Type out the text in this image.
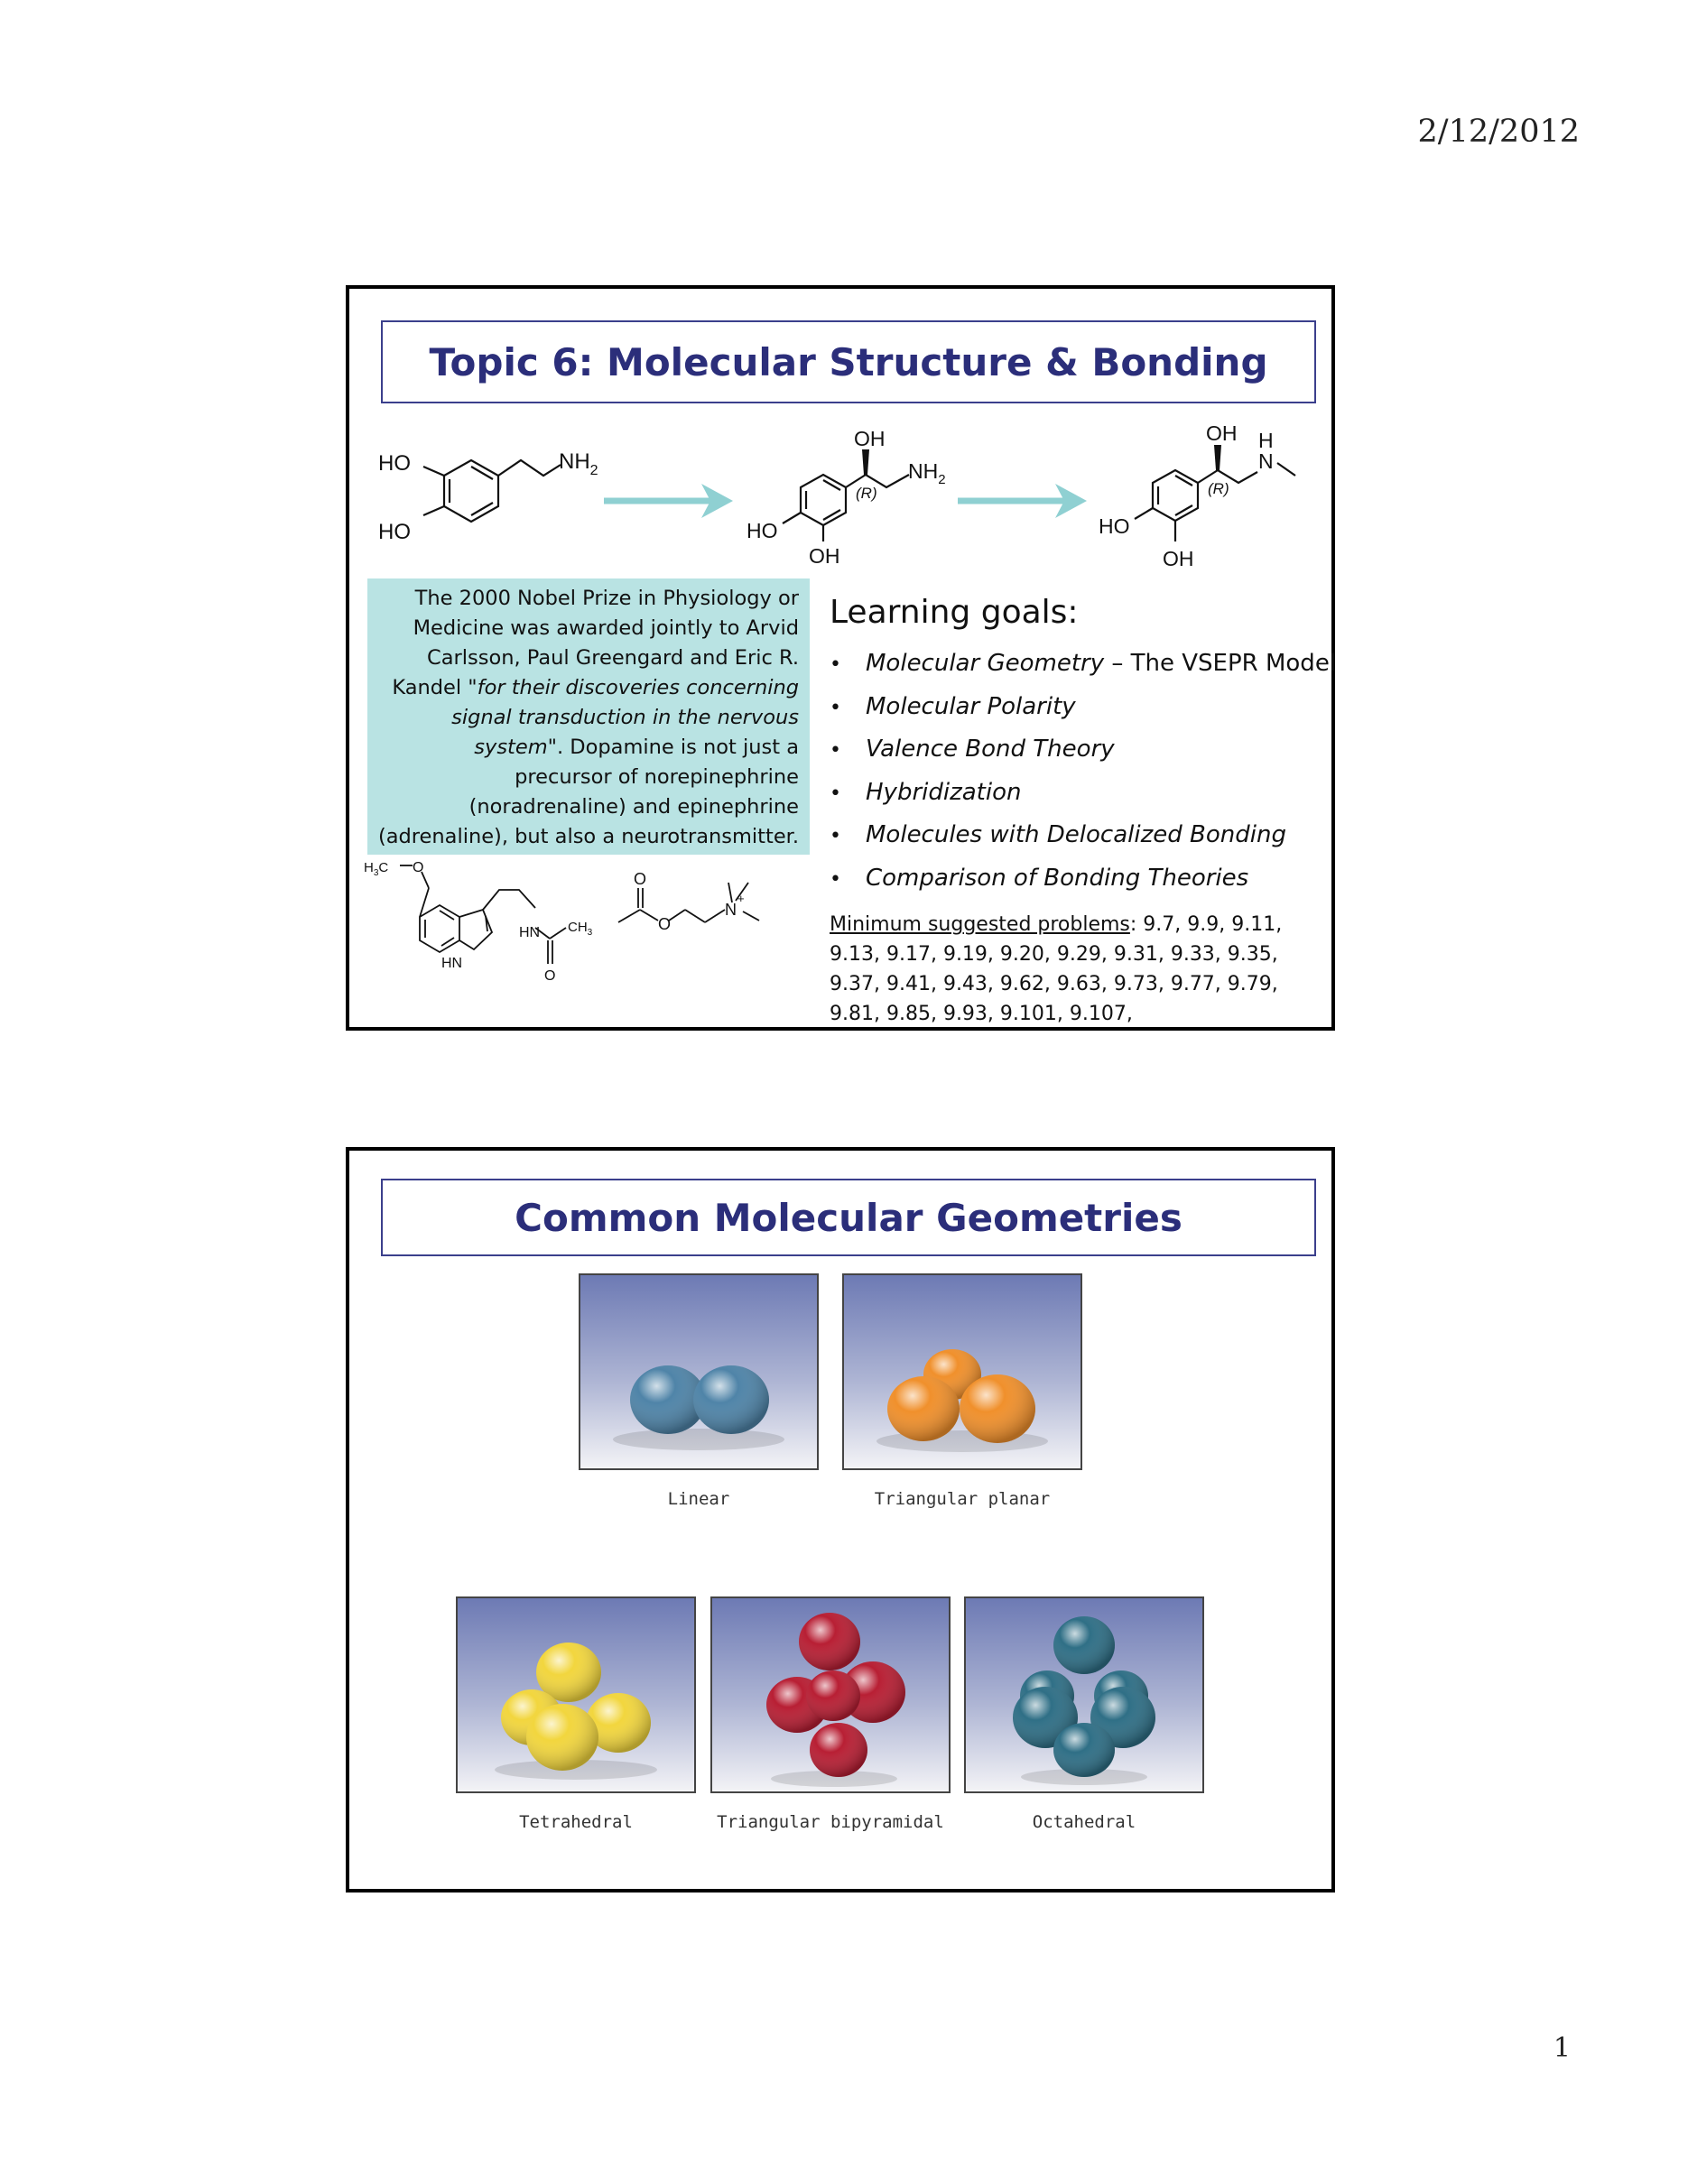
2/12/2012
Topic 6: Molecular Structure & Bonding
HO
HO
$NH_2$
OH
(R)
$NH_2$
HO
OH
OH
(R)
H
N
HO
OH

The 2000 Nobel Prize in Physiology or Medicine was awarded jointly to Arvid Carlsson, Paul Greengard and Eric R. Kandel "for their discoveries concerning signal transduction in the nervous system". Dopamine is not just a precursor of norepinephrine (noradrenaline) and epinephrine (adrenaline), but also a neurotransmitter.

$H_3C$ O
HN
HN $CH_3$
O
O
O
N
+
Learning goals:
•	Molecular Geometry – The VSEPR Model
•	Molecular Polarity
•	Valence Bond Theory
•	Hybridization
•	Molecules with Delocalized Bonding
•	Comparison of Bonding Theories
Minimum suggested problems: 9.7, 9.9, 9.11, 9.13, 9.17, 9.19, 9.20, 9.29, 9.31, 9.33, 9.35, 9.37, 9.41, 9.43, 9.62, 9.63, 9.73, 9.77, 9.79, 9.81, 9.85, 9.93, 9.101, 9.107,
Common Molecular Geometries
Linear	Triangular planar
Tetrahedral	Triangular bipyramidal	Octahedral
1
